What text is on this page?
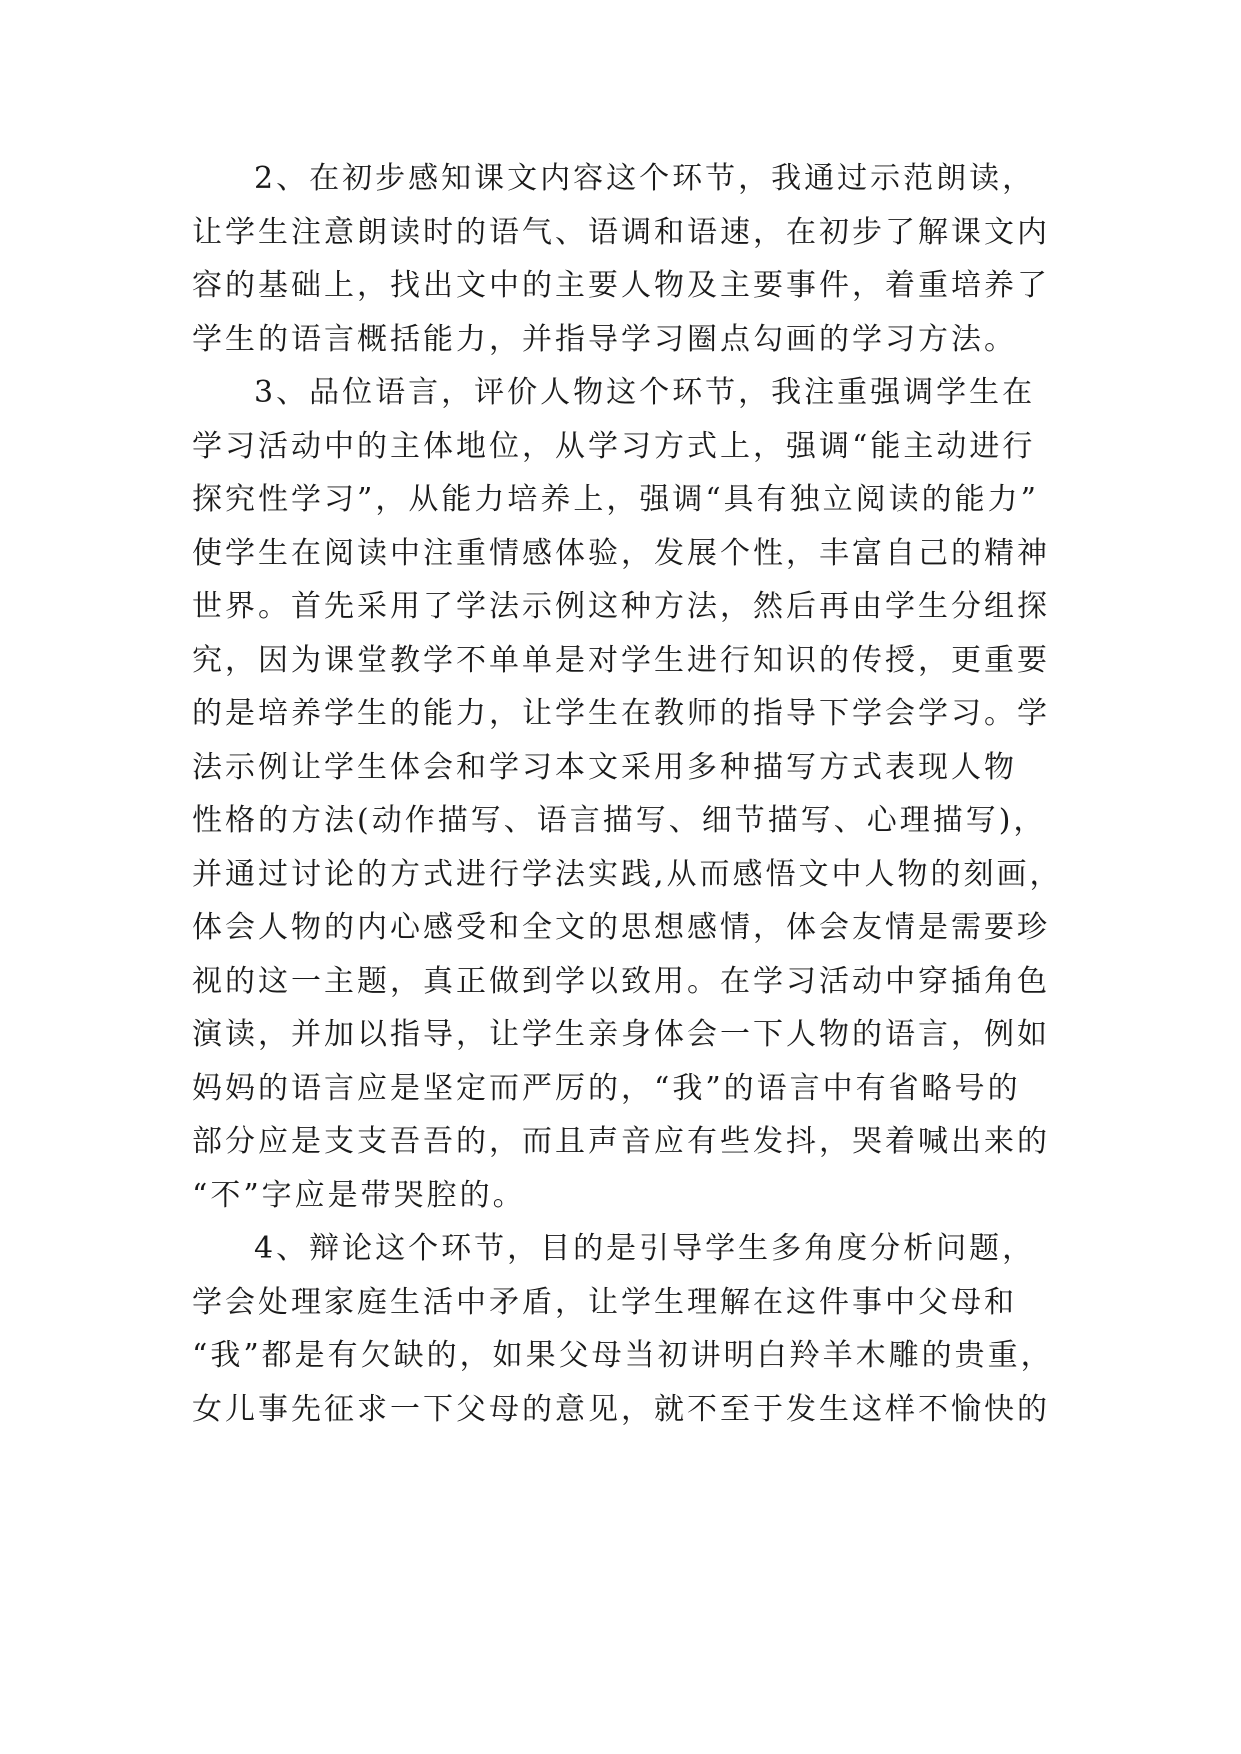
2、在初步感知课文内容这个环节，我通过示范朗读，
让学生注意朗读时的语气、语调和语速，在初步了解课文内
容的基础上，找出文中的主要人物及主要事件，着重培养了
学生的语言概括能力，并指导学习圈点勾画的学习方法。
3、品位语言，评价人物这个环节，我注重强调学生在
学习活动中的主体地位，从学习方式上，强调“能主动进行
探究性学习”，从能力培养上，强调“具有独立阅读的能力”
使学生在阅读中注重情感体验，发展个性，丰富自己的精神
世界。首先采用了学法示例这种方法，然后再由学生分组探
究，因为课堂教学不单单是对学生进行知识的传授，更重要
的是培养学生的能力，让学生在教师的指导下学会学习。学
法示例让学生体会和学习本文采用多种描写方式表现人物
性格的方法(动作描写、语言描写、细节描写、心理描写)，
并通过讨论的方式进行学法实践,从而感悟文中人物的刻画，
体会人物的内心感受和全文的思想感情，体会友情是需要珍
视的这一主题，真正做到学以致用。在学习活动中穿插角色
演读，并加以指导，让学生亲身体会一下人物的语言，例如
妈妈的语言应是坚定而严厉的，“我”的语言中有省略号的
部分应是支支吾吾的，而且声音应有些发抖，哭着喊出来的
“不”字应是带哭腔的。
4、辩论这个环节，目的是引导学生多角度分析问题，
学会处理家庭生活中矛盾，让学生理解在这件事中父母和
“我”都是有欠缺的，如果父母当初讲明白羚羊木雕的贵重，
女儿事先征求一下父母的意见，就不至于发生这样不愉快的
